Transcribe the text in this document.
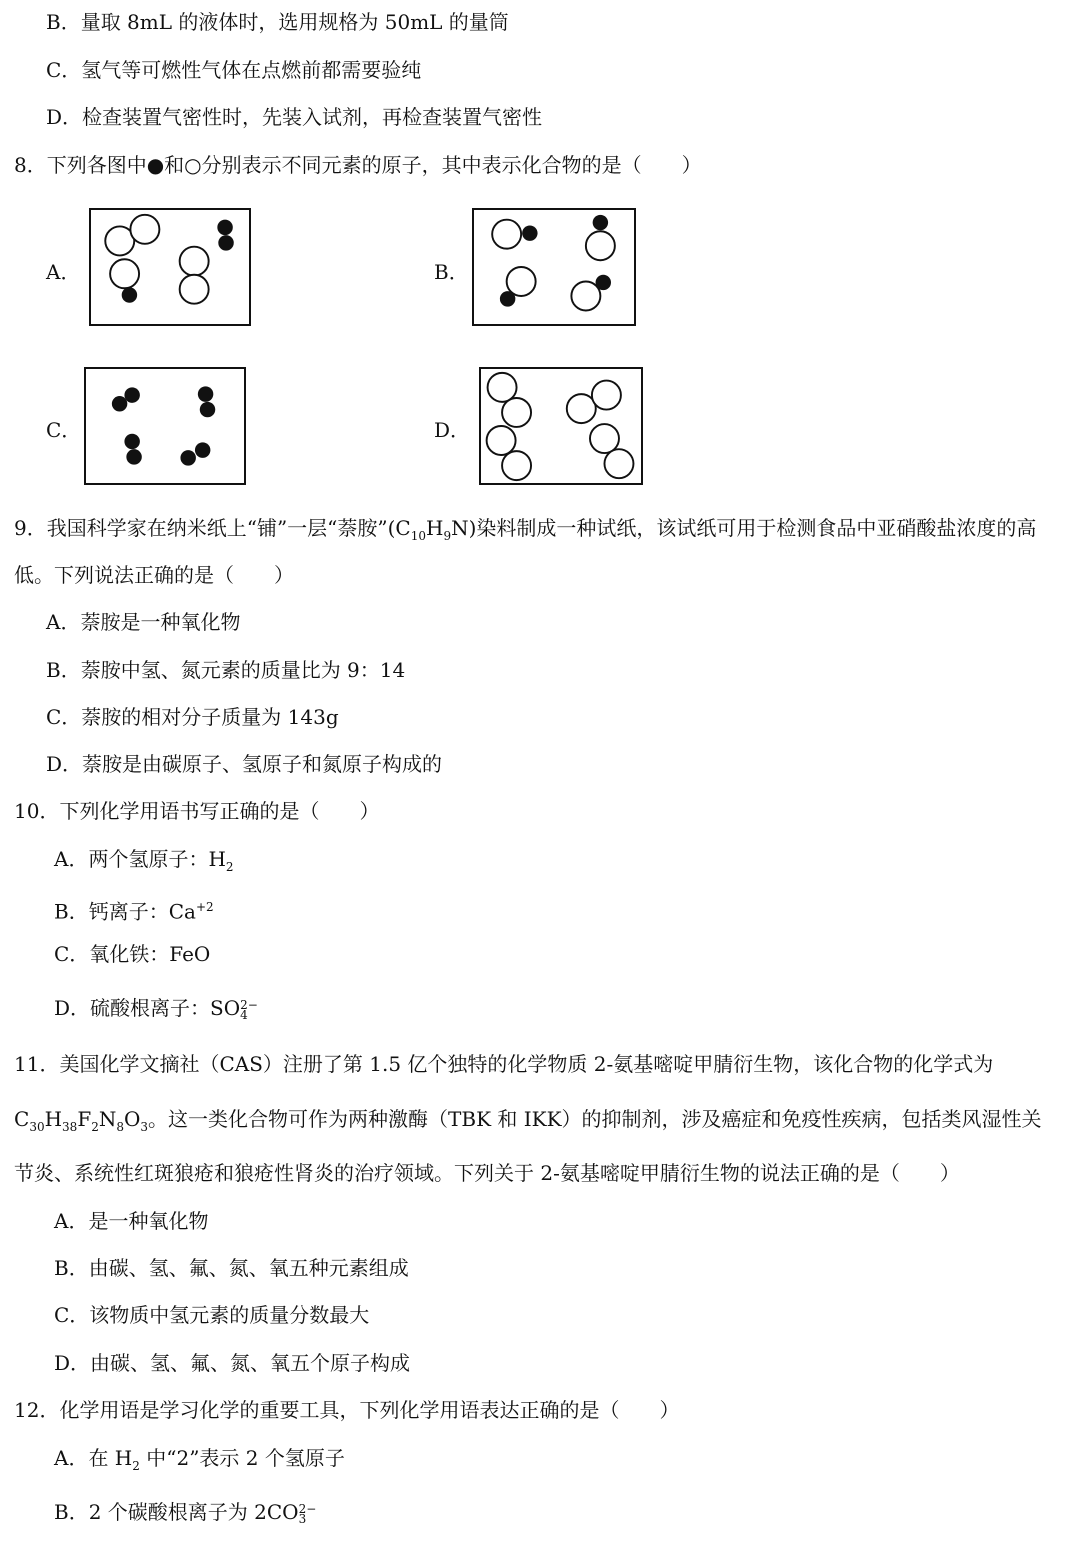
B．量取 8mL 的液体时，选用规格为 50mL 的量筒
C．氢气等可燃性气体在点燃前都需要验纯
D．检查装置气密性时，先装入试剂，再检查装置气密性
8．下列各图中●和○分别表示不同元素的原子，其中表示化合物的是（　　）
A．	B．
C．	D．
9．我国科学家在纳米纸上“铺”一层“萘胺$”(C_{10}H_9N)$染料制成一种试纸，该试纸可用于检测食品中亚硝酸盐浓度的高
低。下列说法正确的是（　　）
A．萘胺是一种氧化物
B．萘胺中氢、氮元素的质量比为 9：14
C．萘胺的相对分子质量为 143g
D．萘胺是由碳原子、氢原子和氮原子构成的
10．下列化学用语书写正确的是（　　）
A．两个氢原子：$H_2$
B．钙离子：$Ca^{+2}$
C．氧化铁：FeO
D．硫酸根离子：SO 2−
4
11．美国化学文摘社（CAS）注册了第 1.5 亿个独特的化学物质 2-氨基嘧啶甲腈衍生物，该化合物的化学式为
$C_{30}H_{38}F_2N_8O_3$。这一类化合物可作为两种激酶（TBK 和 IKK）的抑制剂，涉及癌症和免疫性疾病，包括类风湿性关
节炎、系统性红斑狼疮和狼疮性肾炎的治疗领域。下列关于 2-氨基嘧啶甲腈衍生物的说法正确的是（　　）
A．是一种氧化物
B．由碳、氢、氟、氮、氧五种元素组成
C．该物质中氢元素的质量分数最大
D．由碳、氢、氟、氮、氧五个原子构成
12．化学用语是学习化学的重要工具，下列化学用语表达正确的是（　　）
A．在 $H_2$ 中“2”表示 2 个氢原子
B．2 个碳酸根离子为 2CO 2−
3
